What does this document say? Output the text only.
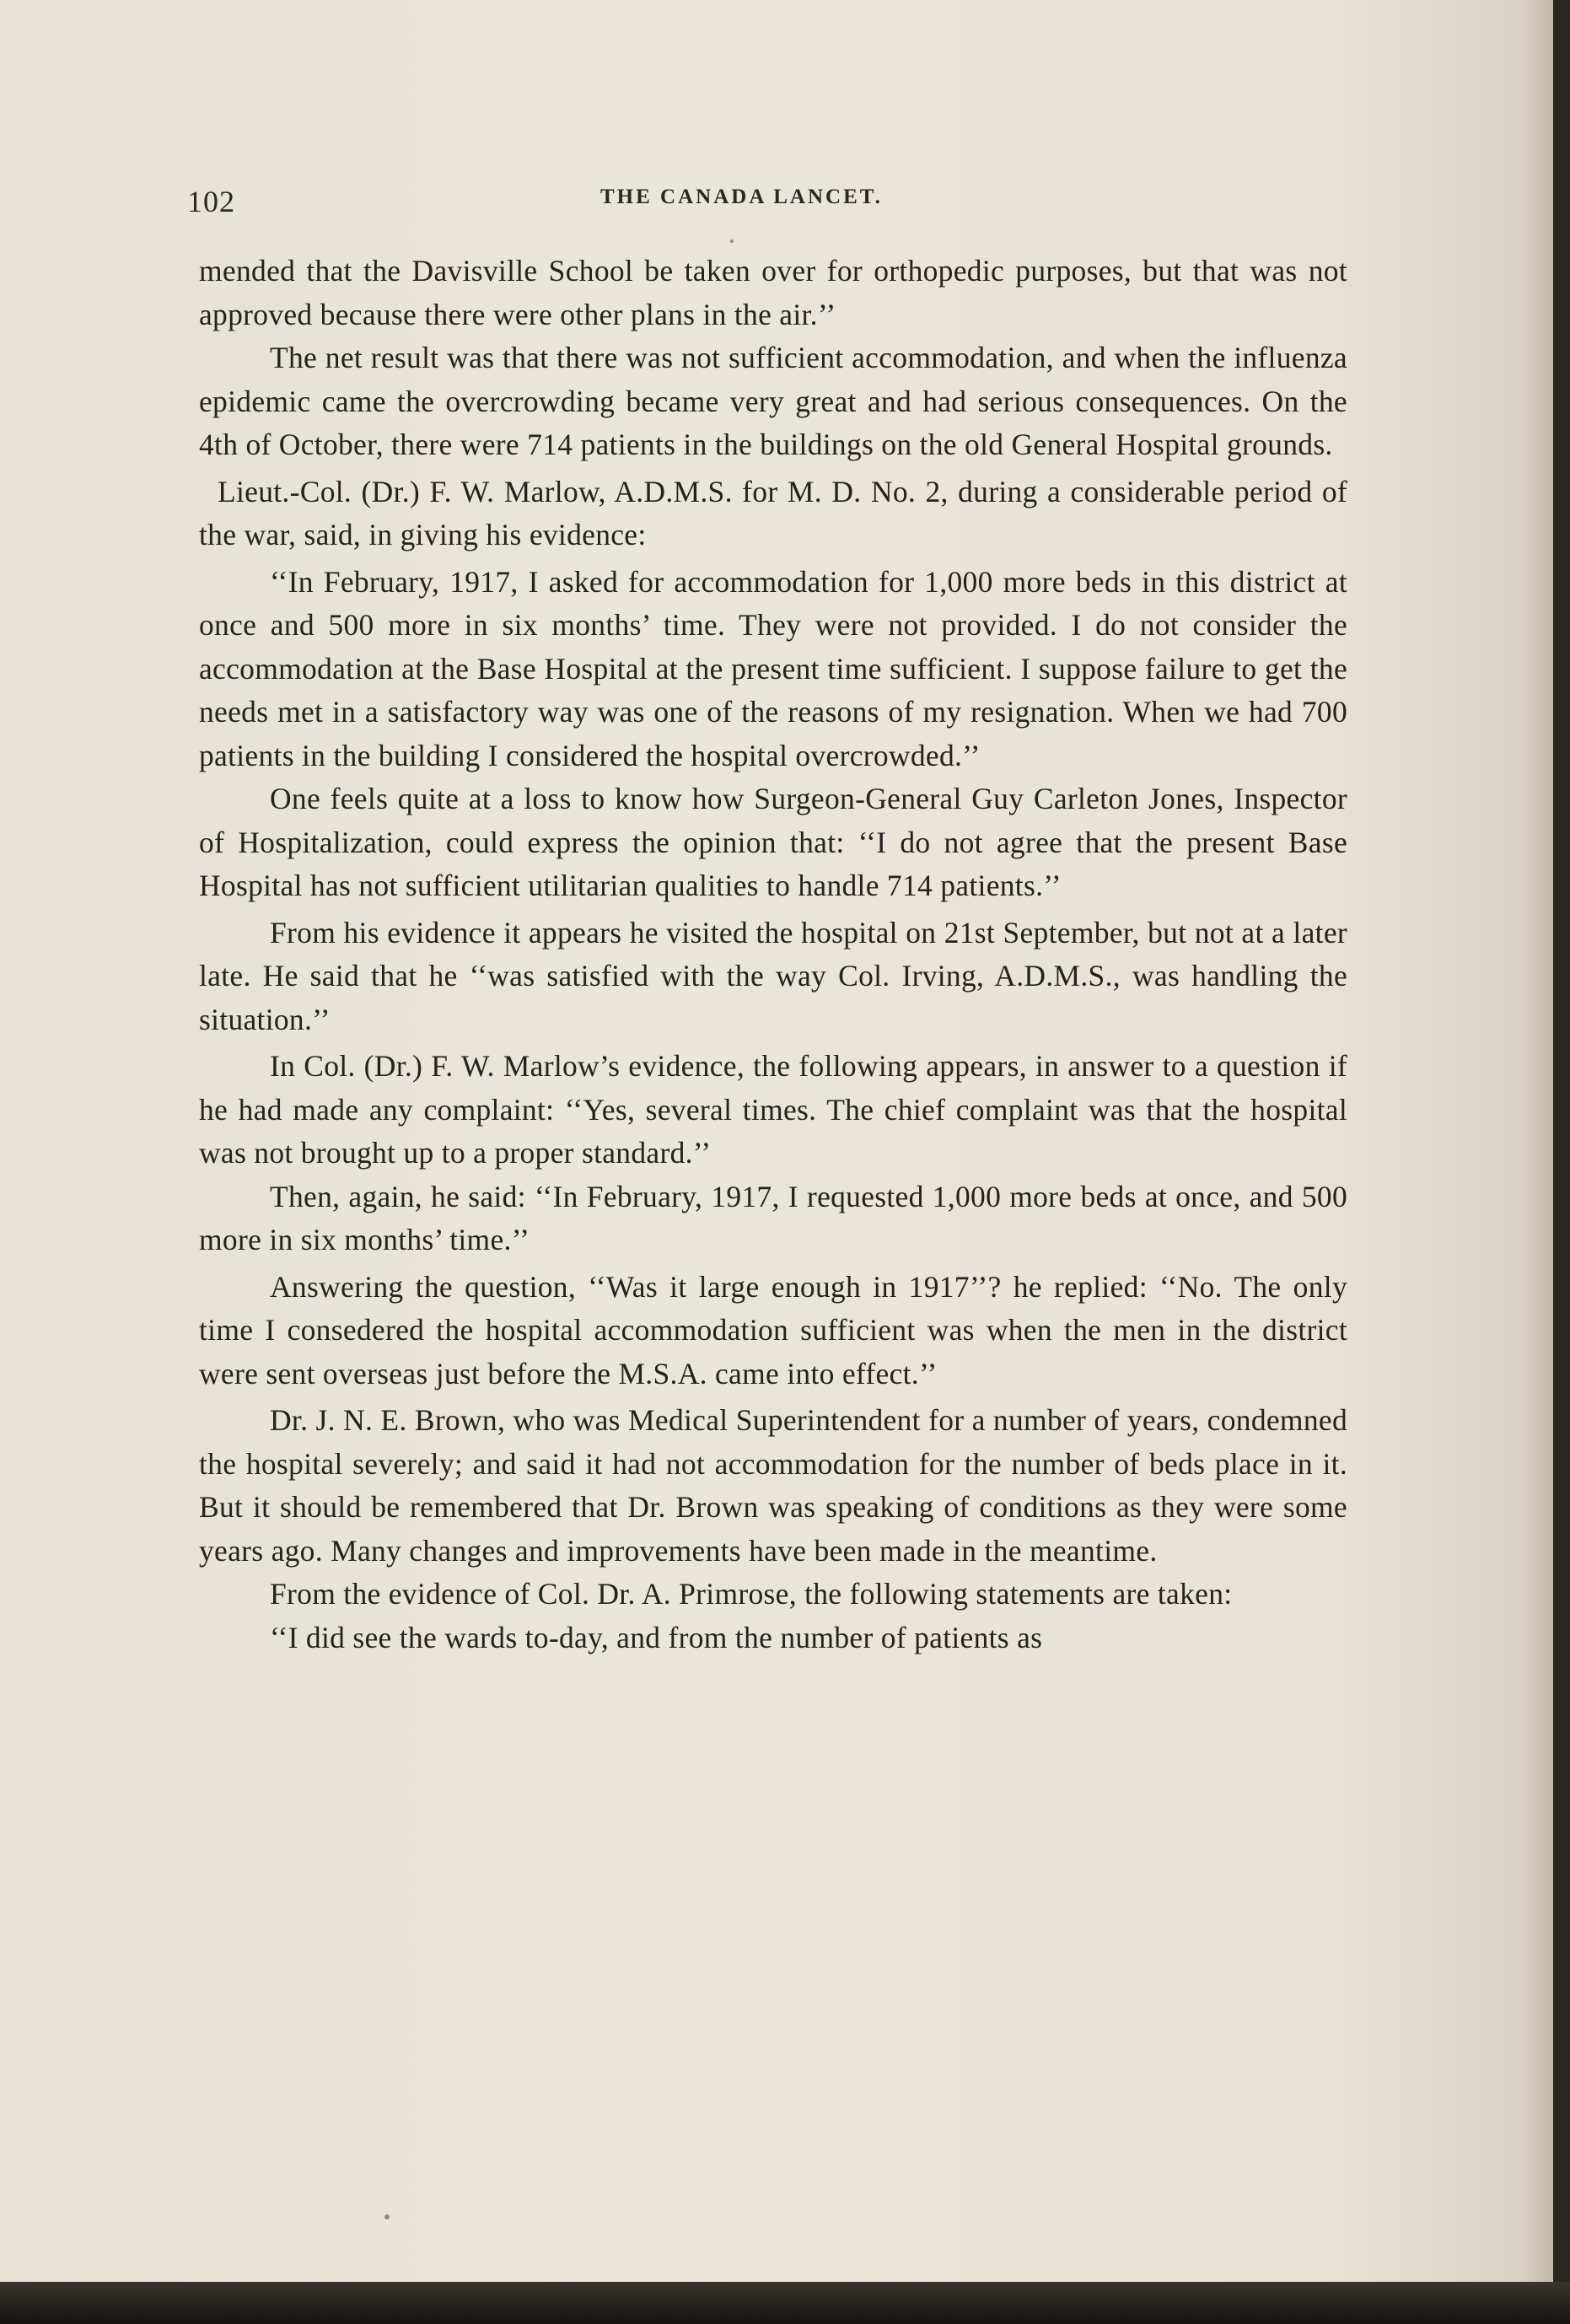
102	THE CANADA LANCET.

mended that the Davisville School be taken over for orthopedic purposes, but that was not approved because there were other plans in the air.’’

The net result was that there was not sufficient accommodation, and when the influenza epidemic came the overcrowding became very great and had serious consequences. On the 4th of October, there were 714 patients in the buildings on the old General Hospital grounds.

Lieut.-Col. (Dr.) F. W. Marlow, A.D.M.S. for M. D. No. 2, during a considerable period of the war, said, in giving his evidence:

‘‘In February, 1917, I asked for accommodation for 1,000 more beds in this district at once and 500 more in six months’ time. They were not provided. I do not consider the accommodation at the Base Hospital at the present time sufficient. I suppose failure to get the needs met in a satisfactory way was one of the reasons of my resignation. When we had 700 patients in the building I considered the hospital overcrowded.’’

One feels quite at a loss to know how Surgeon-General Guy Carleton Jones, Inspector of Hospitalization, could express the opinion that: ‘‘I do not agree that the present Base Hospital has not sufficient utilitarian qualities to handle 714 patients.’’

From his evidence it appears he visited the hospital on 21st September, but not at a later late. He said that he ‘‘was satisfied with the way Col. Irving, A.D.M.S., was handling the situation.’’

In Col. (Dr.) F. W. Marlow’s evidence, the following appears, in answer to a question if he had made any complaint: ‘‘Yes, several times. The chief complaint was that the hospital was not brought up to a proper standard.’’

Then, again, he said: ‘‘In February, 1917, I requested 1,000 more beds at once, and 500 more in six months’ time.’’

Answering the question, ‘‘Was it large enough in 1917’’? he replied: ‘‘No. The only time I consedered the hospital accommodation sufficient was when the men in the district were sent overseas just before the M.S.A. came into effect.’’

Dr. J. N. E. Brown, who was Medical Superintendent for a number of years, condemned the hospital severely; and said it had not accommodation for the number of beds place in it. But it should be remembered that Dr. Brown was speaking of conditions as they were some years ago. Many changes and improvements have been made in the meantime.

From the evidence of Col. Dr. A. Primrose, the following statements are taken:

‘‘I did see the wards to-day, and from the number of patients as
